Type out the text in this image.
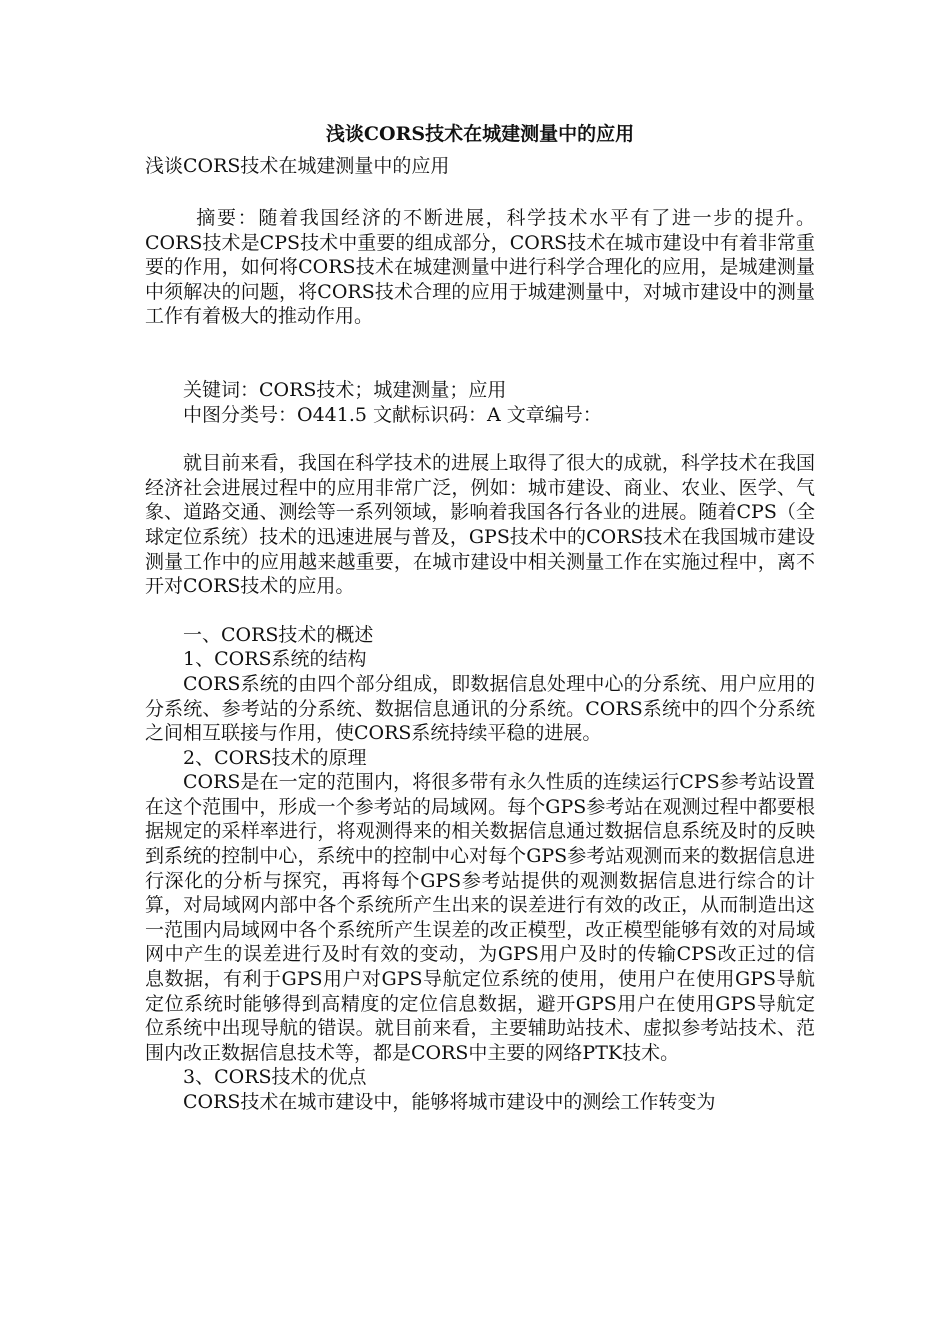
浅谈CORS技术在城建测量中的应用
浅谈CORS技术在城建测量中的应用

摘要：随着我国经济的不断进展，科学技术水平有了进一步的提升。CORS技术是CPS技术中重要的组成部分，CORS技术在城市建设中有着非常重要的作用，如何将CORS技术在城建测量中进行科学合理化的应用，是城建测量中须解决的问题，将CORS技术合理的应用于城建测量中，对城市建设中的测量工作有着极大的推动作用。

关键词：CORS技术；城建测量；应用

中图分类号：O441.5 文献标识码：A 文章编号：

就目前来看，我国在科学技术的进展上取得了很大的成就，科学技术在我国经济社会进展过程中的应用非常广泛，例如：城市建设、商业、农业、医学、气象、道路交通、测绘等一系列领域，影响着我国各行各业的进展。随着CPS（全球定位系统）技术的迅速进展与普及，GPS技术中的CORS技术在我国城市建设测量工作中的应用越来越重要，在城市建设中相关测量工作在实施过程中，离不开对CORS技术的应用。

一、CORS技术的概述

1、CORS系统的结构

CORS系统的由四个部分组成，即数据信息处理中心的分系统、用户应用的分系统、参考站的分系统、数据信息通讯的分系统。CORS系统中的四个分系统之间相互联接与作用，使CORS系统持续平稳的进展。

2、CORS技术的原理

CORS是在一定的范围内，将很多带有永久性质的连续运行CPS参考站设置在这个范围中，形成一个参考站的局域网。每个GPS参考站在观测过程中都要根据规定的采样率进行，将观测得来的相关数据信息通过数据信息系统及时的反映到系统的控制中心，系统中的控制中心对每个GPS参考站观测而来的数据信息进行深化的分析与探究，再将每个GPS参考站提供的观测数据信息进行综合的计算，对局域网内部中各个系统所产生出来的误差进行有效的改正，从而制造出这一范围内局域网中各个系统所产生误差的改正模型，改正模型能够有效的对局域网中产生的误差进行及时有效的变动，为GPS用户及时的传输CPS改正过的信息数据，有利于GPS用户对GPS导航定位系统的使用，使用户在使用GPS导航定位系统时能够得到高精度的定位信息数据，避开GPS用户在使用GPS导航定位系统中出现导航的错误。就目前来看，主要辅助站技术、虚拟参考站技术、范围内改正数据信息技术等，都是CORS中主要的网络PTK技术。

3、CORS技术的优点

CORS技术在城市建设中，能够将城市建设中的测绘工作转变为
